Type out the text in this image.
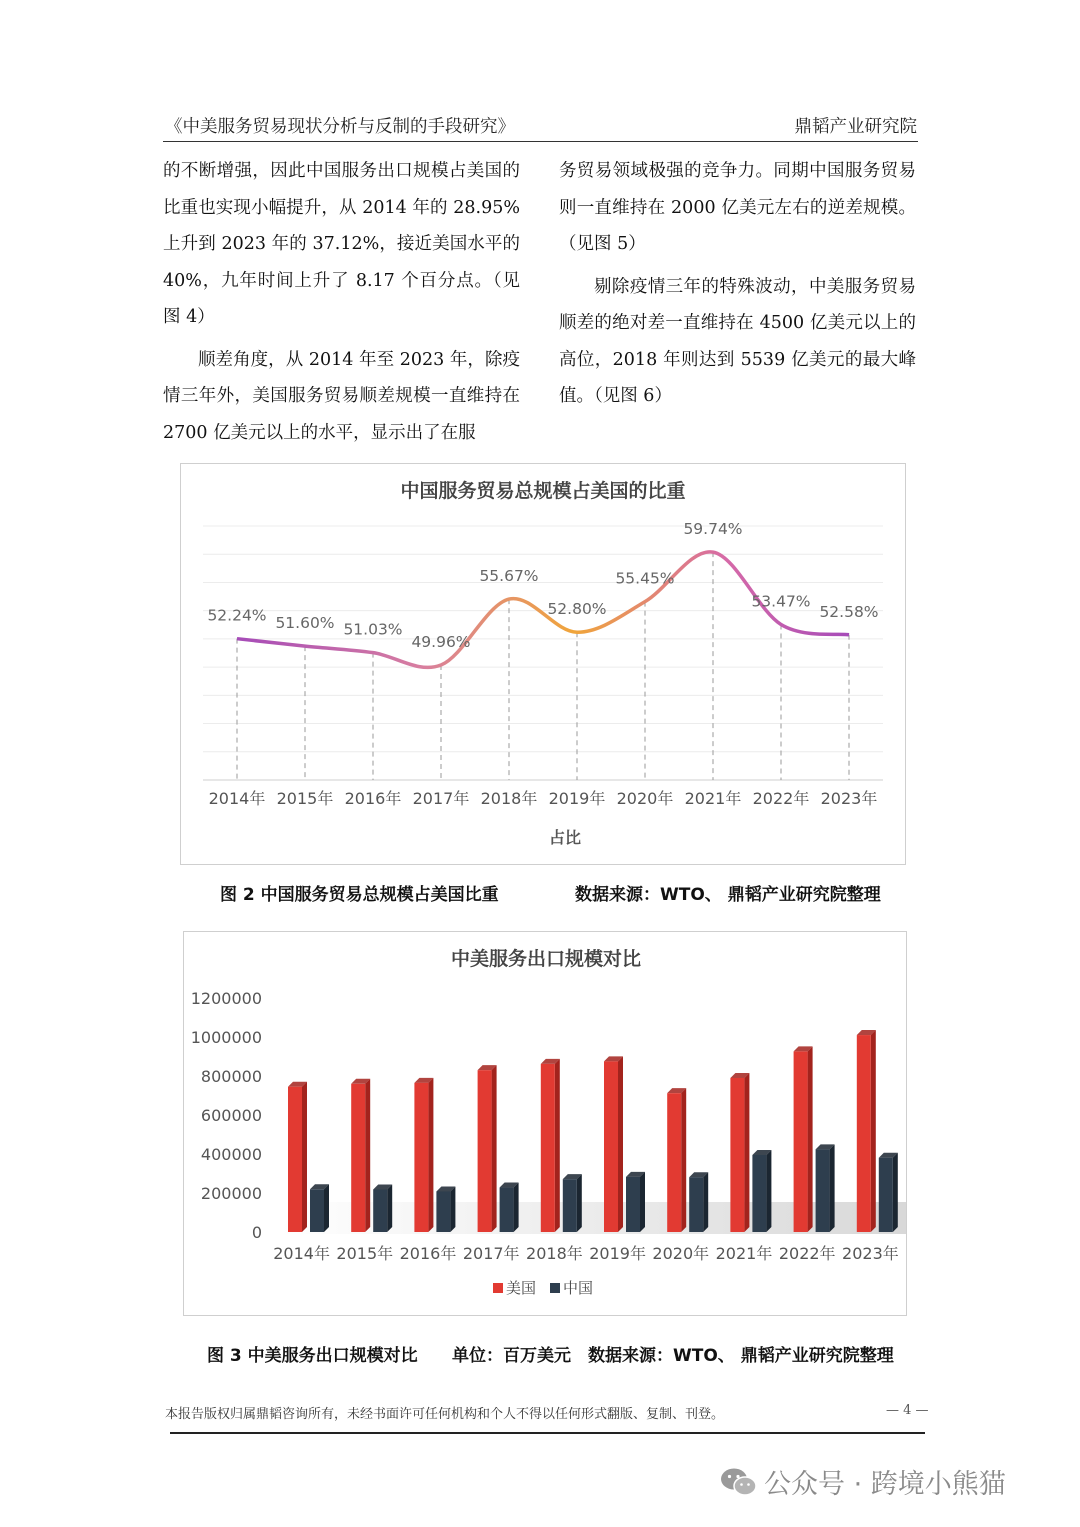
《中美服务贸易现状分析与反制的手段研究》	鼎韬产业研究院

的不断增强，因此中国服务出口规模占美国的比重也实现小幅提升，从 2014 年的 28.95%上升到 2023 年的 37.12%，接近美国水平的 40%，九年时间上升了 8.17 个百分点。（见图 4）

顺差角度，从 2014 年至 2023 年，除疫情三年外，美国服务贸易顺差规模一直维持在 2700 亿美元以上的水平，显示出了在服

务贸易领域极强的竞争力。同期中国服务贸易则一直维持在 2000 亿美元左右的逆差规模。（见图 5）

剔除疫情三年的特殊波动，中美服务贸易顺差的绝对差一直维持在 4500 亿美元以上的高位，2018 年则达到 5539 亿美元的最大峰值。（见图 6）

中国服务贸易总规模占美国的比重
52.24% 51.60% 51.03%
49.96%
55.67%
52.80%
55.45%
59.74%
53.47%
52.58%
2014年 2015年 2016年 2017年 2018年 2019年 2020年 2021年 2022年 2023年
占比
图 2 中国服务贸易总规模占美国比重	数据来源：WTO、 鼎韬产业研究院整理
中美服务出口规模对比
1200000
1000000
800000
600000
400000
200000
0
2014年 2015年 2016年 2017年 2018年 2019年 2020年 2021年 2022年 2023年
美国 中国
图 3 中美服务出口规模对比 单位：百万美元 数据来源：WTO、 鼎韬产业研究院整理
本报告版权归属鼎韬咨询所有，未经书面许可任何机构和个人不得以任何形式翻版、复制、刊登。	— 4 —
公众号 · 跨境小熊猫
